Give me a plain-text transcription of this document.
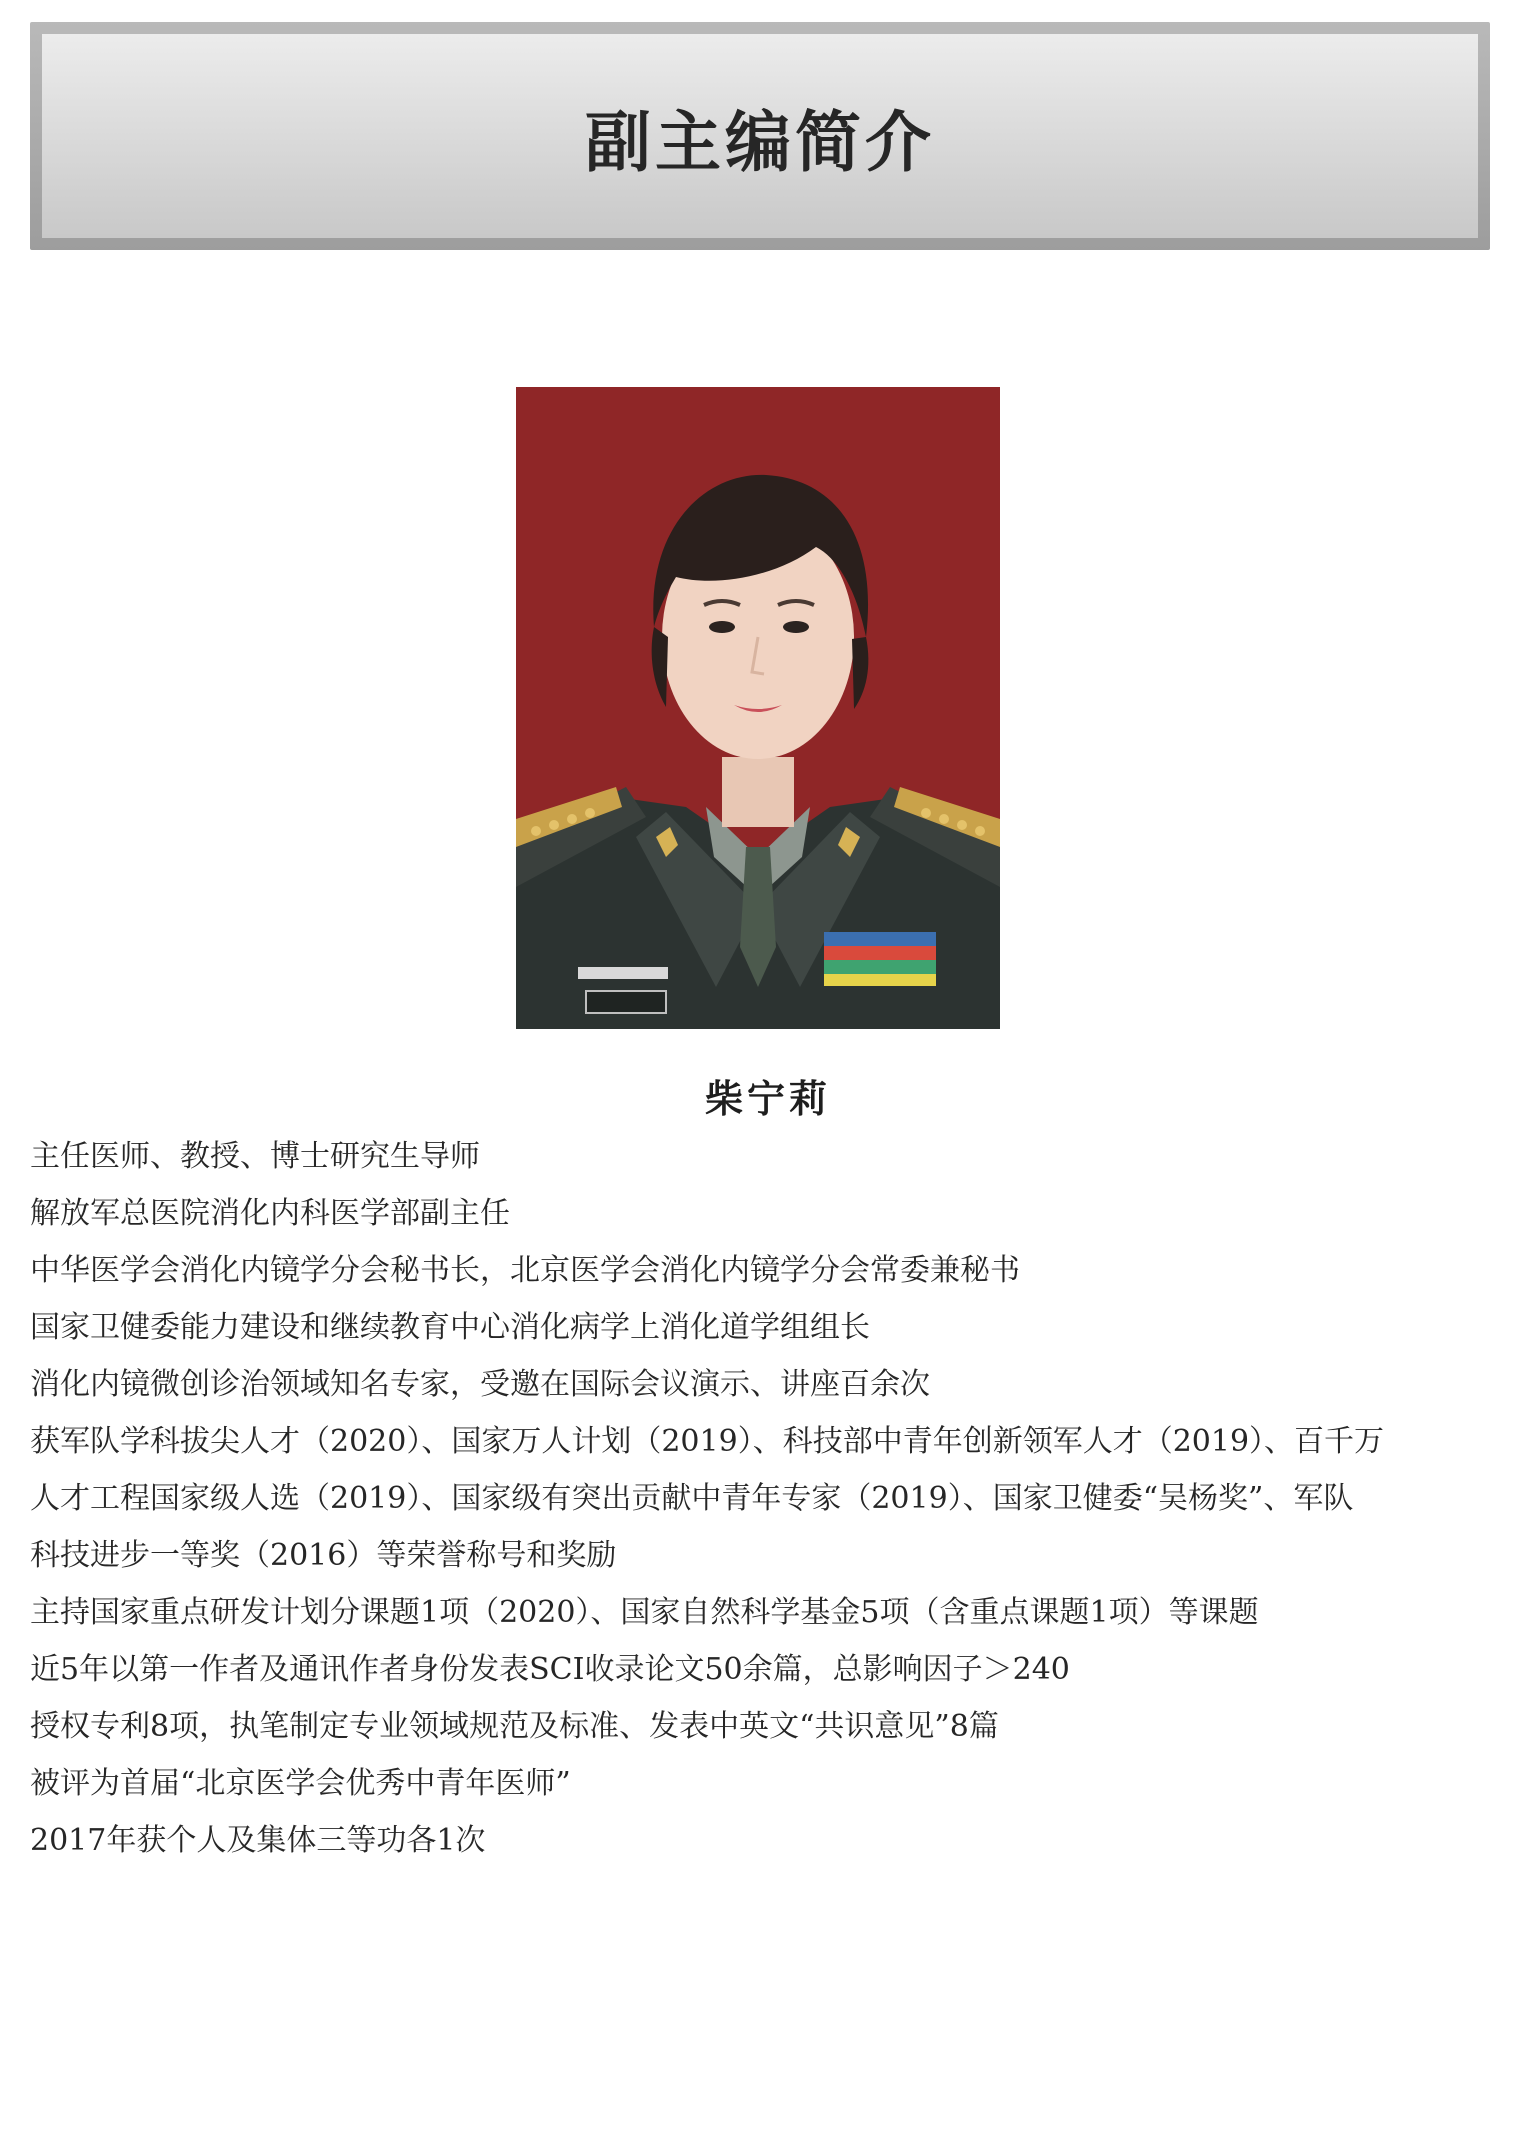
副主编简介
柴宁莉
主任医师、教授、博士研究生导师
解放军总医院消化内科医学部副主任
中华医学会消化内镜学分会秘书长，北京医学会消化内镜学分会常委兼秘书
国家卫健委能力建设和继续教育中心消化病学上消化道学组组长
消化内镜微创诊治领域知名专家，受邀在国际会议演示、讲座百余次
获军队学科拔尖人才（2020）、国家万人计划（2019）、科技部中青年创新领军人才（2019）、百千万
人才工程国家级人选（2019）、国家级有突出贡献中青年专家（2019）、国家卫健委“吴杨奖”、军队
科技进步一等奖（2016）等荣誉称号和奖励
主持国家重点研发计划分课题1项（2020）、国家自然科学基金5项（含重点课题1项）等课题
近5年以第一作者及通讯作者身份发表SCI收录论文50余篇，总影响因子＞240
授权专利8项，执笔制定专业领域规范及标准、发表中英文“共识意见”8篇
被评为首届“北京医学会优秀中青年医师”
2017年获个人及集体三等功各1次
